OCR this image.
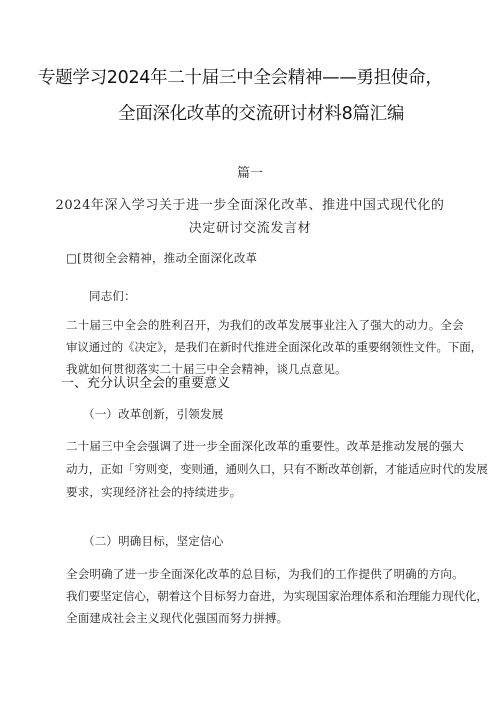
专题学习2024年二十届三中全会精神——勇担使命，
全面深化改革的交流研讨材料8篇汇编
篇一
2024年深入学习关于进一步全面深化改革、推进中国式现代化的
决定研讨交流发言材
□[贯彻全会精神，推动全面深化改革
同志们：
二十届三中全会的胜利召开，为我们的改革发展事业注入了强大的动力。全会
审议通过的《决定》，是我们在新时代推进全面深化改革的重要纲领性文件。下面，
我就如何贯彻落实二十届三中全会精神，谈几点意见。
一、充分认识全会的重要意义
（一）改革创新，引领发展
二十届三中全会强调了进一步全面深化改革的重要性。改革是推动发展的强大
动力，正如「穷则变，变则通，通则久口，只有不断改革创新，才能适应时代的发展
要求，实现经济社会的持续进步。
（二）明确目标，坚定信心
全会明确了进一步全面深化改革的总目标，为我们的工作提供了明确的方向。
我们要坚定信心，朝着这个目标努力奋进，为实现国家治理体系和治理能力现代化，
全面建成社会主义现代化强国而努力拼搏。
